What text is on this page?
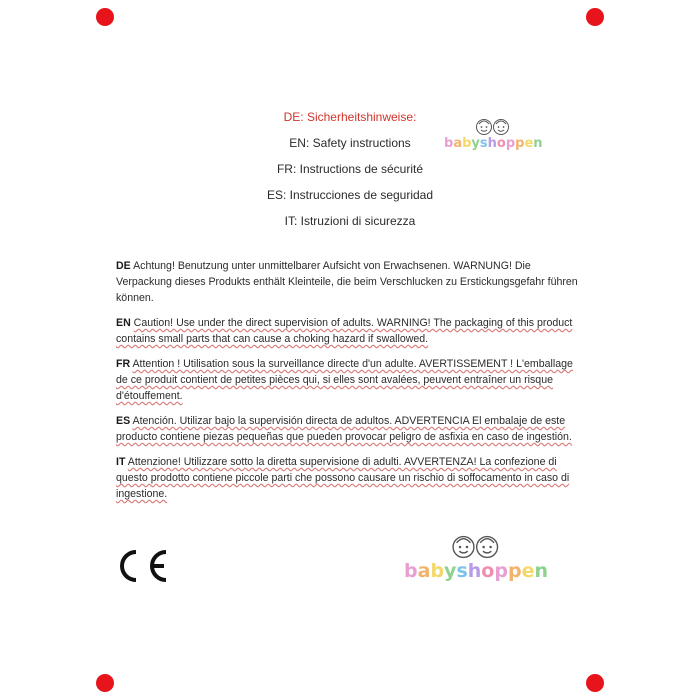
DE: Sicherheitshinweise:
EN: Safety instructions
FR: Instructions de sécurité
ES: Instrucciones de seguridad
IT: Istruzioni di sicurezza
babyshoppen

DE Achtung! Benutzung unter unmittelbarer Aufsicht von Erwachsenen. WARNUNG! Die Verpackung dieses Produkts enthält Kleinteile, die beim Verschlucken zu Erstickungsgefahr führen können.

EN Caution! Use under the direct supervision of adults. WARNING! The packaging of this product contains small parts that can cause a choking hazard if swallowed.

FR Attention ! Utilisation sous la surveillance directe d'un adulte. AVERTISSEMENT ! L'emballage de ce produit contient de petites pièces qui, si elles sont avalées, peuvent entraîner un risque d'étouffement.

ES Atención. Utilizar bajo la supervisión directa de adultos. ADVERTENCIA El embalaje de este producto contiene piezas pequeñas que pueden provocar peligro de asfixia en caso de ingestión.

IT Attenzione! Utilizzare sotto la diretta supervisione di adulti. AVVERTENZA! La confezione di questo prodotto contiene piccole parti che possono causare un rischio di soffocamento in caso di ingestione.

babyshoppen
